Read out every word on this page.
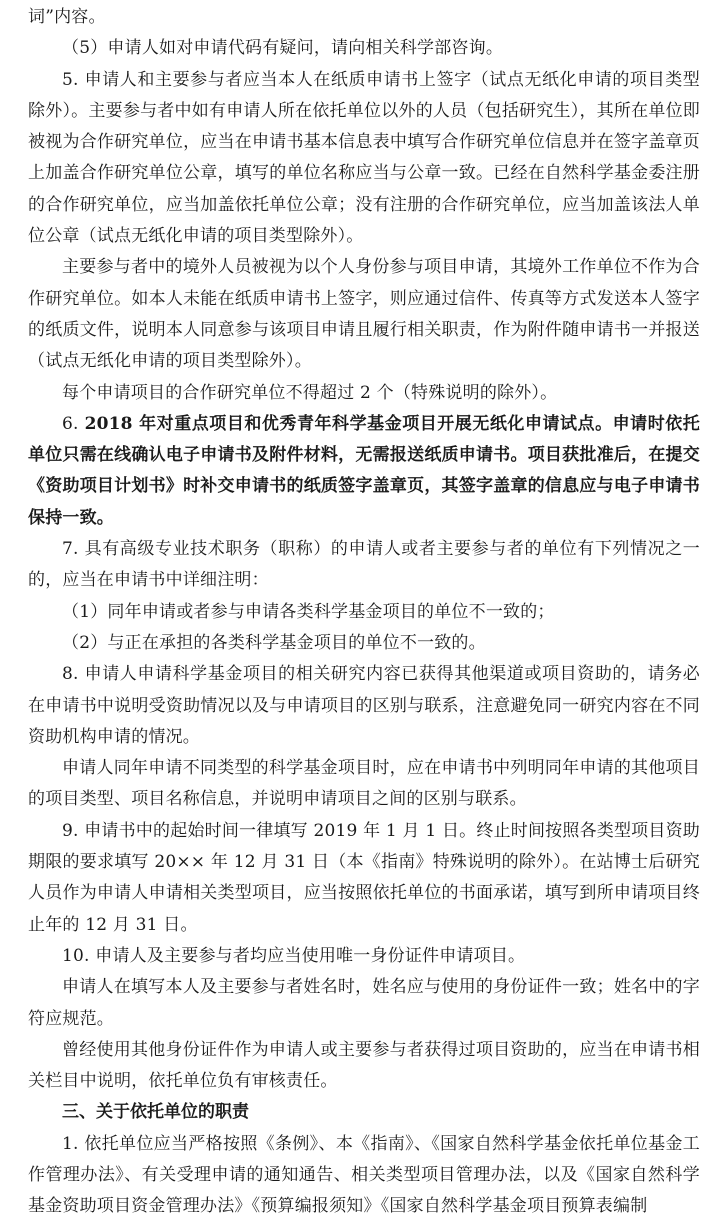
词”内容。

（5）申请人如对申请代码有疑问，请向相关科学部咨询。

5. 申请人和主要参与者应当本人在纸质申请书上签字（试点无纸化申请的项目类型除外）。主要参与者中如有申请人所在依托单位以外的人员（包括研究生），其所在单位即被视为合作研究单位，应当在申请书基本信息表中填写合作研究单位信息并在签字盖章页上加盖合作研究单位公章，填写的单位名称应当与公章一致。已经在自然科学基金委注册的合作研究单位，应当加盖依托单位公章；没有注册的合作研究单位，应当加盖该法人单位公章（试点无纸化申请的项目类型除外）。

主要参与者中的境外人员被视为以个人身份参与项目申请，其境外工作单位不作为合作研究单位。如本人未能在纸质申请书上签字，则应通过信件、传真等方式发送本人签字的纸质文件，说明本人同意参与该项目申请且履行相关职责，作为附件随申请书一并报送（试点无纸化申请的项目类型除外）。

每个申请项目的合作研究单位不得超过 2 个（特殊说明的除外）。

6. 2018 年对重点项目和优秀青年科学基金项目开展无纸化申请试点。申请时依托单位只需在线确认电子申请书及附件材料，无需报送纸质申请书。项目获批准后，在提交《资助项目计划书》时补交申请书的纸质签字盖章页，其签字盖章的信息应与电子申请书保持一致。

7. 具有高级专业技术职务（职称）的申请人或者主要参与者的单位有下列情况之一的，应当在申请书中详细注明：

（1）同年申请或者参与申请各类科学基金项目的单位不一致的；

（2）与正在承担的各类科学基金项目的单位不一致的。

8. 申请人申请科学基金项目的相关研究内容已获得其他渠道或项目资助的，请务必在申请书中说明受资助情况以及与申请项目的区别与联系，注意避免同一研究内容在不同资助机构申请的情况。

申请人同年申请不同类型的科学基金项目时，应在申请书中列明同年申请的其他项目的项目类型、项目名称信息，并说明申请项目之间的区别与联系。

9. 申请书中的起始时间一律填写 2019 年 1 月 1 日。终止时间按照各类型项目资助期限的要求填写 20×× 年 12 月 31 日（本《指南》特殊说明的除外）。在站博士后研究人员作为申请人申请相关类型项目，应当按照依托单位的书面承诺，填写到所申请项目终止年的 12 月 31 日。

10. 申请人及主要参与者均应当使用唯一身份证件申请项目。

申请人在填写本人及主要参与者姓名时，姓名应与使用的身份证件一致；姓名中的字符应规范。

曾经使用其他身份证件作为申请人或主要参与者获得过项目资助的，应当在申请书相关栏目中说明，依托单位负有审核责任。

三、关于依托单位的职责

1. 依托单位应当严格按照《条例》、本《指南》、《国家自然科学基金依托单位基金工作管理办法》、有关受理申请的通知通告、相关类型项目管理办法，以及《国家自然科学基金资助项目资金管理办法》《预算编报须知》《国家自然科学基金项目预算表编制
